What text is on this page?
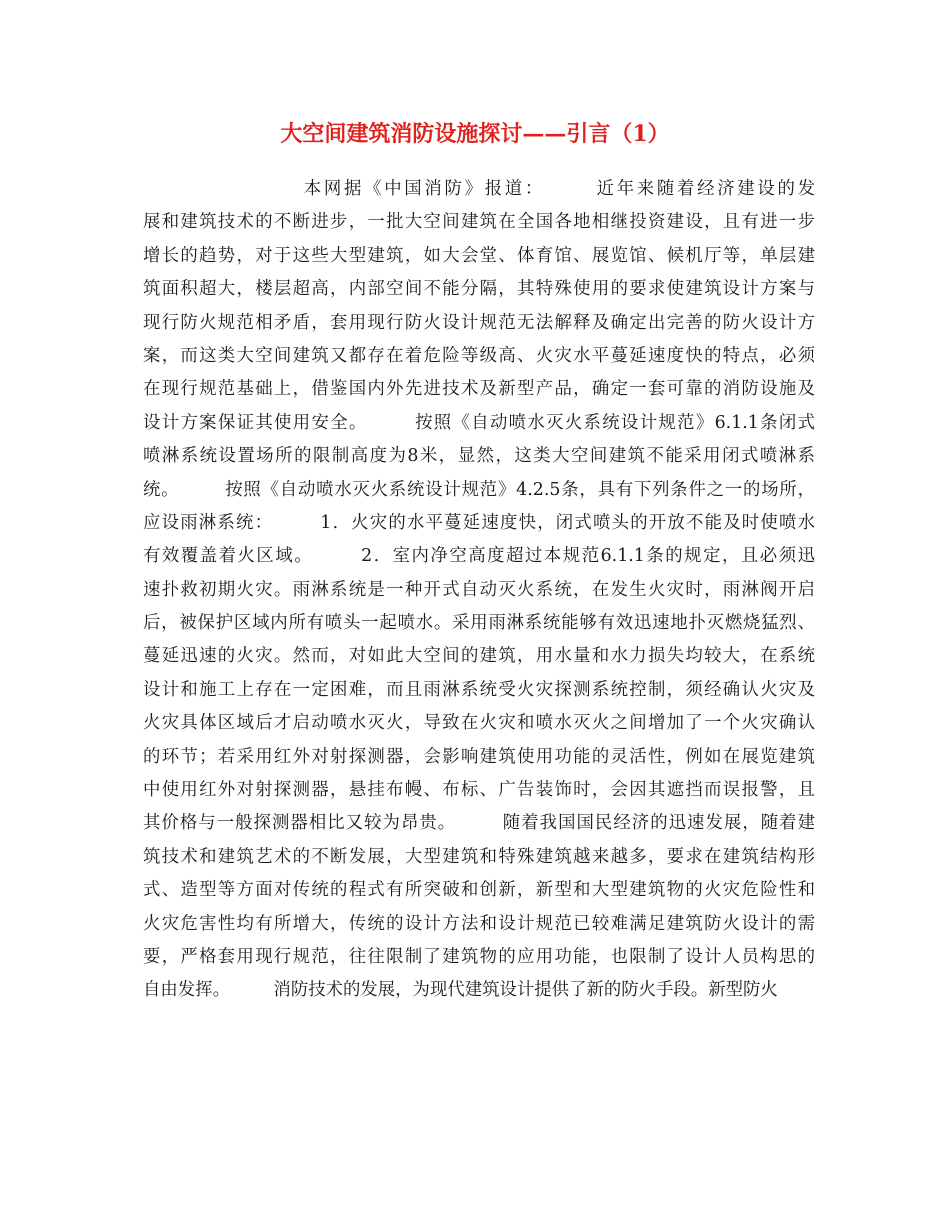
大空间建筑消防设施探讨——引言（1）
　　　　　　　　本网据《中国消防》报道：　　　近年来随着经济建设的发
展和建筑技术的不断进步，一批大空间建筑在全国各地相继投资建设，且有进一步
增长的趋势，对于这些大型建筑，如大会堂、体育馆、展览馆、候机厅等，单层建
筑面积超大，楼层超高，内部空间不能分隔，其特殊使用的要求使建筑设计方案与
现行防火规范相矛盾，套用现行防火设计规范无法解释及确定出完善的防火设计方
案，而这类大空间建筑又都存在着危险等级高、火灾水平蔓延速度快的特点，必须
在现行规范基础上，借鉴国内外先进技术及新型产品，确定一套可靠的消防设施及
设计方案保证其使用安全。　　　按照《自动喷水灭火系统设计规范》6.1.1条闭式
喷淋系统设置场所的限制高度为8米，显然，这类大空间建筑不能采用闭式喷淋系
统。　　　按照《自动喷水灭火系统设计规范》4.2.5条，具有下列条件之一的场所，
应设雨淋系统：　　　1．火灾的水平蔓延速度快，闭式喷头的开放不能及时使喷水
有效覆盖着火区域。　　　2．室内净空高度超过本规范6.1.1条的规定，且必须迅
速扑救初期火灾。雨淋系统是一种开式自动灭火系统，在发生火灾时，雨淋阀开启
后，被保护区域内所有喷头一起喷水。采用雨淋系统能够有效迅速地扑灭燃烧猛烈、
蔓延迅速的火灾。然而，对如此大空间的建筑，用水量和水力损失均较大，在系统
设计和施工上存在一定困难，而且雨淋系统受火灾探测系统控制，须经确认火灾及
火灾具体区域后才启动喷水灭火，导致在火灾和喷水灭火之间增加了一个火灾确认
的环节；若采用红外对射探测器，会影响建筑使用功能的灵活性，例如在展览建筑
中使用红外对射探测器，悬挂布幔、布标、广告装饰时，会因其遮挡而误报警，且
其价格与一般探测器相比又较为昂贵。　　　随着我国国民经济的迅速发展，随着建
筑技术和建筑艺术的不断发展，大型建筑和特殊建筑越来越多，要求在建筑结构形
式、造型等方面对传统的程式有所突破和创新，新型和大型建筑物的火灾危险性和
火灾危害性均有所增大，传统的设计方法和设计规范已较难满足建筑防火设计的需
要，严格套用现行规范，往往限制了建筑物的应用功能，也限制了设计人员构思的
自由发挥。　　　消防技术的发展，为现代建筑设计提供了新的防火手段。新型防火
